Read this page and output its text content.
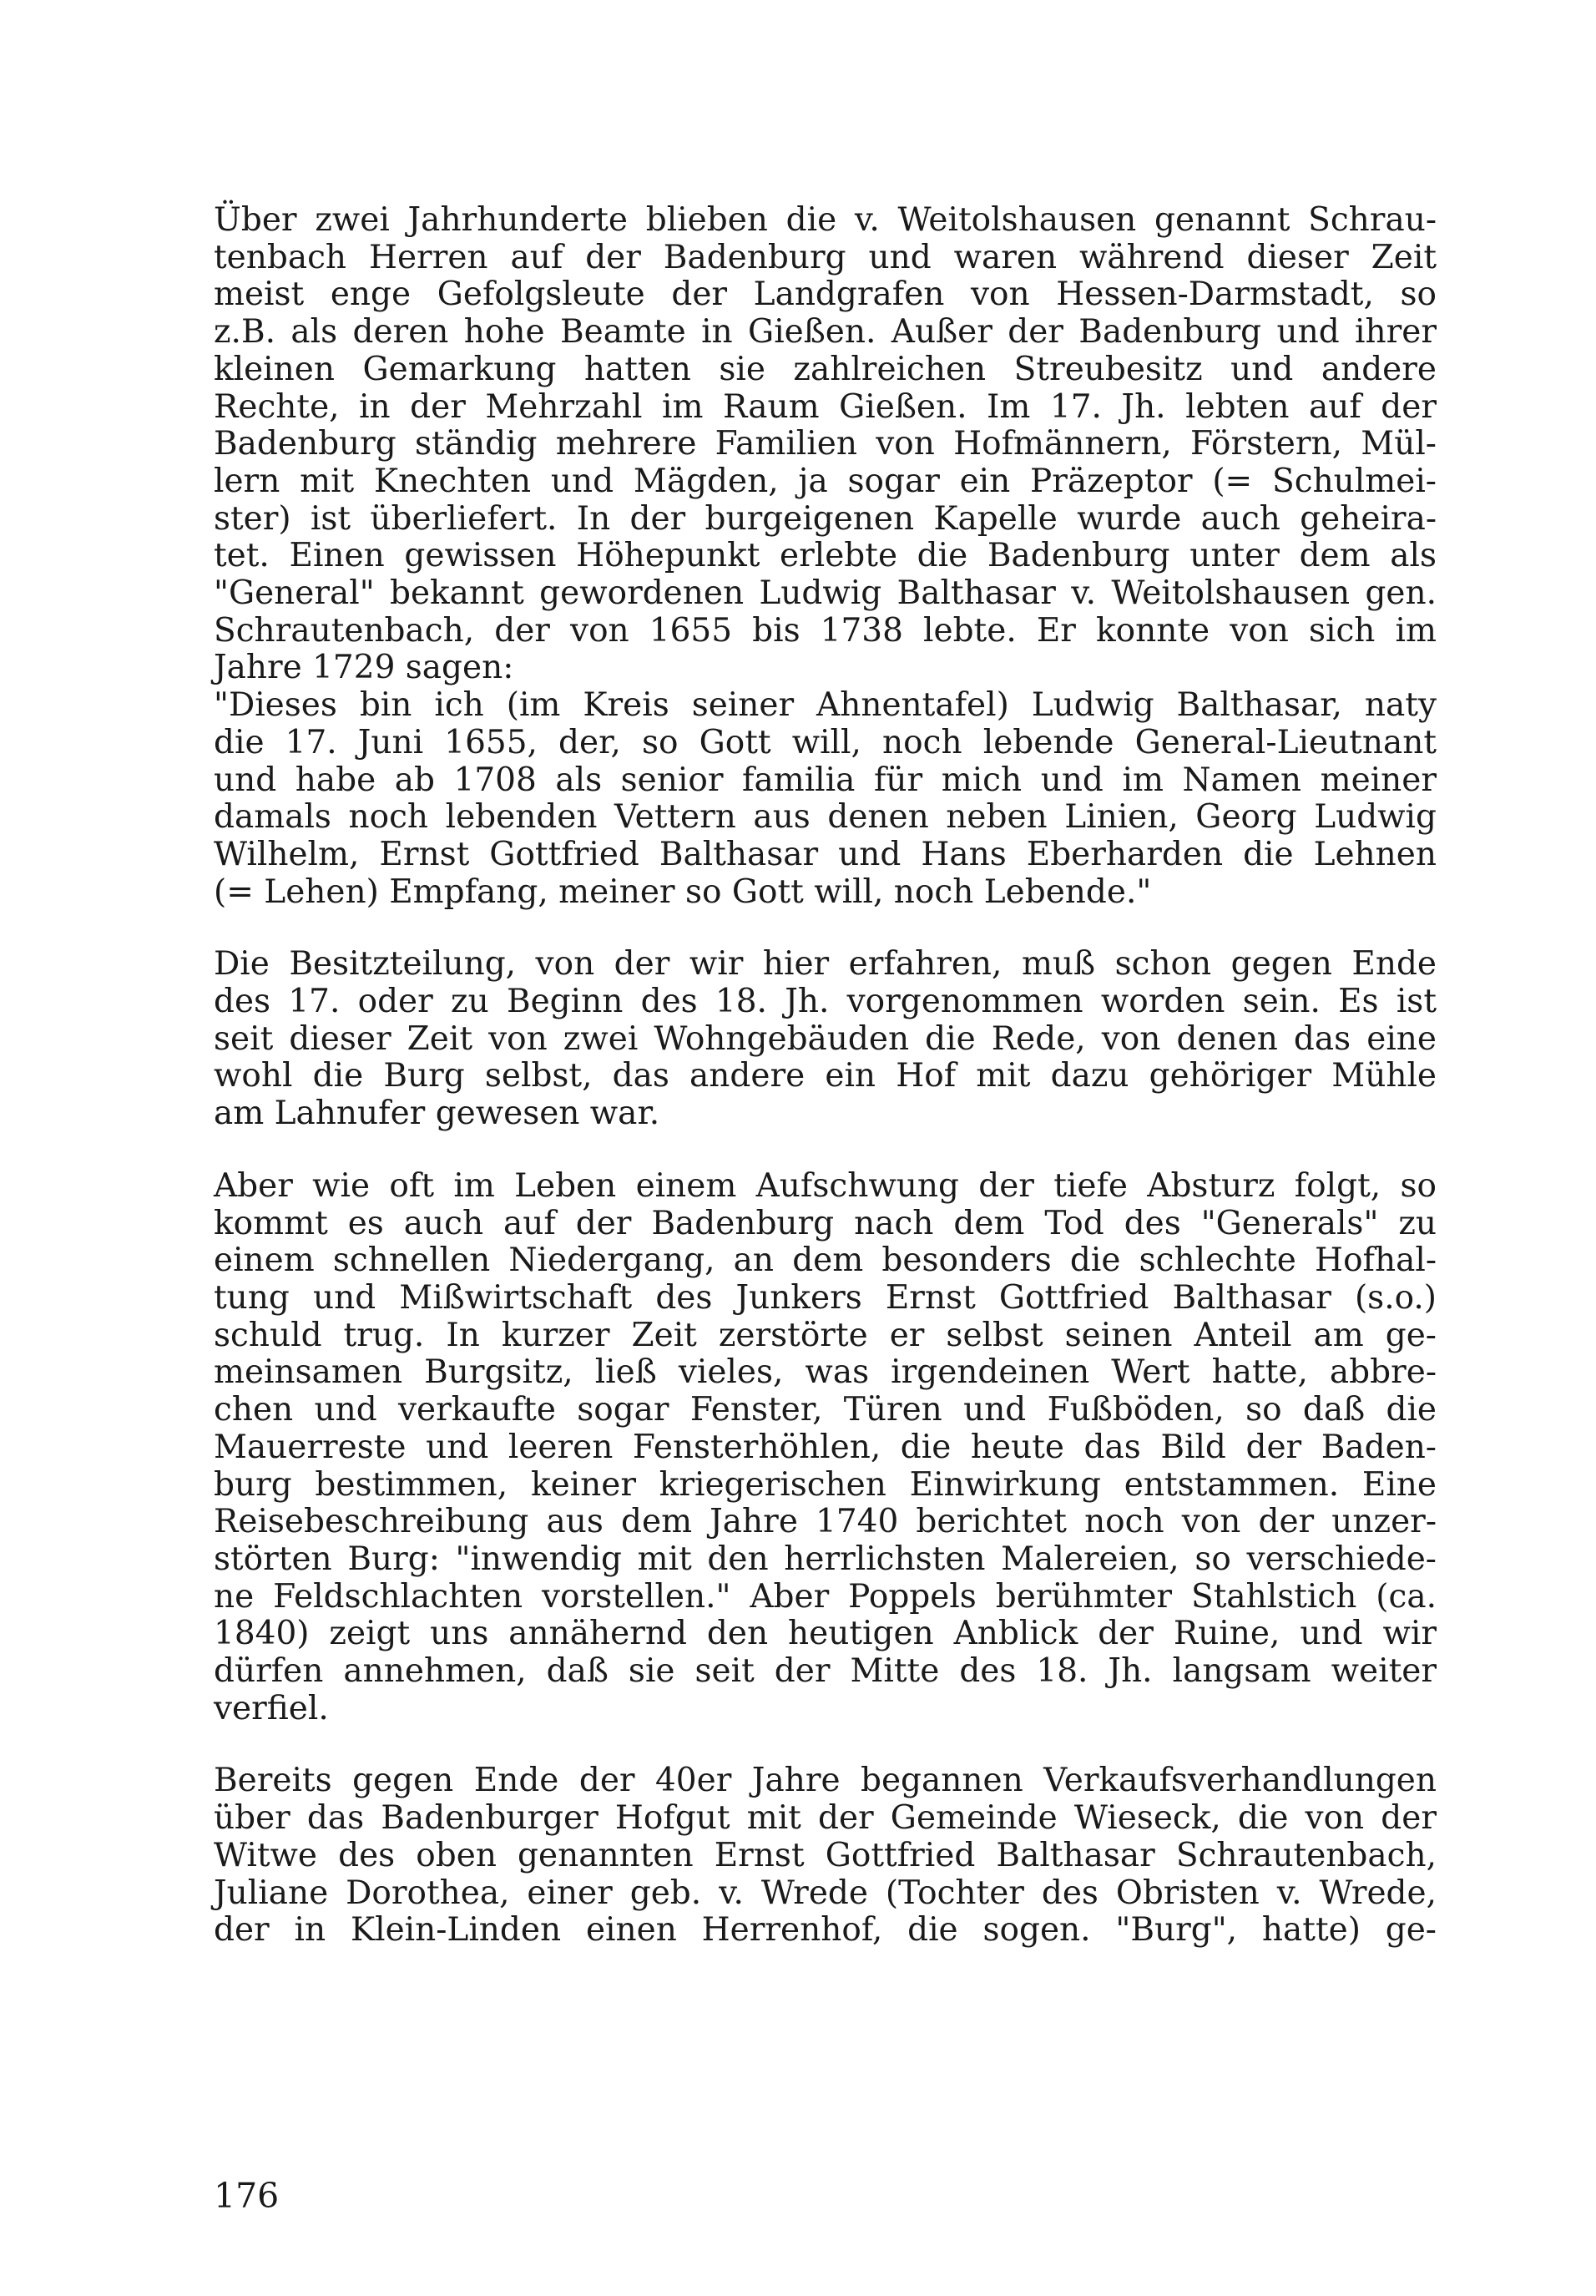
Über zwei Jahrhunderte blieben die v. Weitolshausen genannt Schrau-
tenbach Herren auf der Badenburg und waren während dieser Zeit
meist enge Gefolgsleute der Landgrafen von Hessen-Darmstadt, so
z.B. als deren hohe Beamte in Gießen. Außer der Badenburg und ihrer
kleinen Gemarkung hatten sie zahlreichen Streubesitz und andere
Rechte, in der Mehrzahl im Raum Gießen. Im 17. Jh. lebten auf der
Badenburg ständig mehrere Familien von Hofmännern, Förstern, Mül-
lern mit Knechten und Mägden, ja sogar ein Präzeptor (= Schulmei-
ster) ist überliefert. In der burgeigenen Kapelle wurde auch geheira-
tet. Einen gewissen Höhepunkt erlebte die Badenburg unter dem als
"General" bekannt gewordenen Ludwig Balthasar v. Weitolshausen gen.
Schrautenbach, der von 1655 bis 1738 lebte. Er konnte von sich im
Jahre 1729 sagen:
"Dieses bin ich (im Kreis seiner Ahnentafel) Ludwig Balthasar, naty
die 17. Juni 1655, der, so Gott will, noch lebende General-Lieutnant
und habe ab 1708 als senior familia für mich und im Namen meiner
damals noch lebenden Vettern aus denen neben Linien, Georg Ludwig
Wilhelm, Ernst Gottfried Balthasar und Hans Eberharden die Lehnen
(= Lehen) Empfang, meiner so Gott will, noch Lebende."

Die Besitzteilung, von der wir hier erfahren, muß schon gegen Ende
des 17. oder zu Beginn des 18. Jh. vorgenommen worden sein. Es ist
seit dieser Zeit von zwei Wohngebäuden die Rede, von denen das eine
wohl die Burg selbst, das andere ein Hof mit dazu gehöriger Mühle
am Lahnufer gewesen war.

Aber wie oft im Leben einem Aufschwung der tiefe Absturz folgt, so
kommt es auch auf der Badenburg nach dem Tod des "Generals" zu
einem schnellen Niedergang, an dem besonders die schlechte Hofhal-
tung und Mißwirtschaft des Junkers Ernst Gottfried Balthasar (s.o.)
schuld trug. In kurzer Zeit zerstörte er selbst seinen Anteil am ge-
meinsamen Burgsitz, ließ vieles, was irgendeinen Wert hatte, abbre-
chen und verkaufte sogar Fenster, Türen und Fußböden, so daß die
Mauerreste und leeren Fensterhöhlen, die heute das Bild der Baden-
burg bestimmen, keiner kriegerischen Einwirkung entstammen. Eine
Reisebeschreibung aus dem Jahre 1740 berichtet noch von der unzer-
störten Burg: "inwendig mit den herrlichsten Malereien, so verschiede-
ne Feldschlachten vorstellen." Aber Poppels berühmter Stahlstich (ca.
1840) zeigt uns annähernd den heutigen Anblick der Ruine, und wir
dürfen annehmen, daß sie seit der Mitte des 18. Jh. langsam weiter
verfiel.

Bereits gegen Ende der 40er Jahre begannen Verkaufsverhandlungen
über das Badenburger Hofgut mit der Gemeinde Wieseck, die von der
Witwe des oben genannten Ernst Gottfried Balthasar Schrautenbach,
Juliane Dorothea, einer geb. v. Wrede (Tochter des Obristen v. Wrede,
der in Klein-Linden einen Herrenhof, die sogen. "Burg", hatte) ge-

176
